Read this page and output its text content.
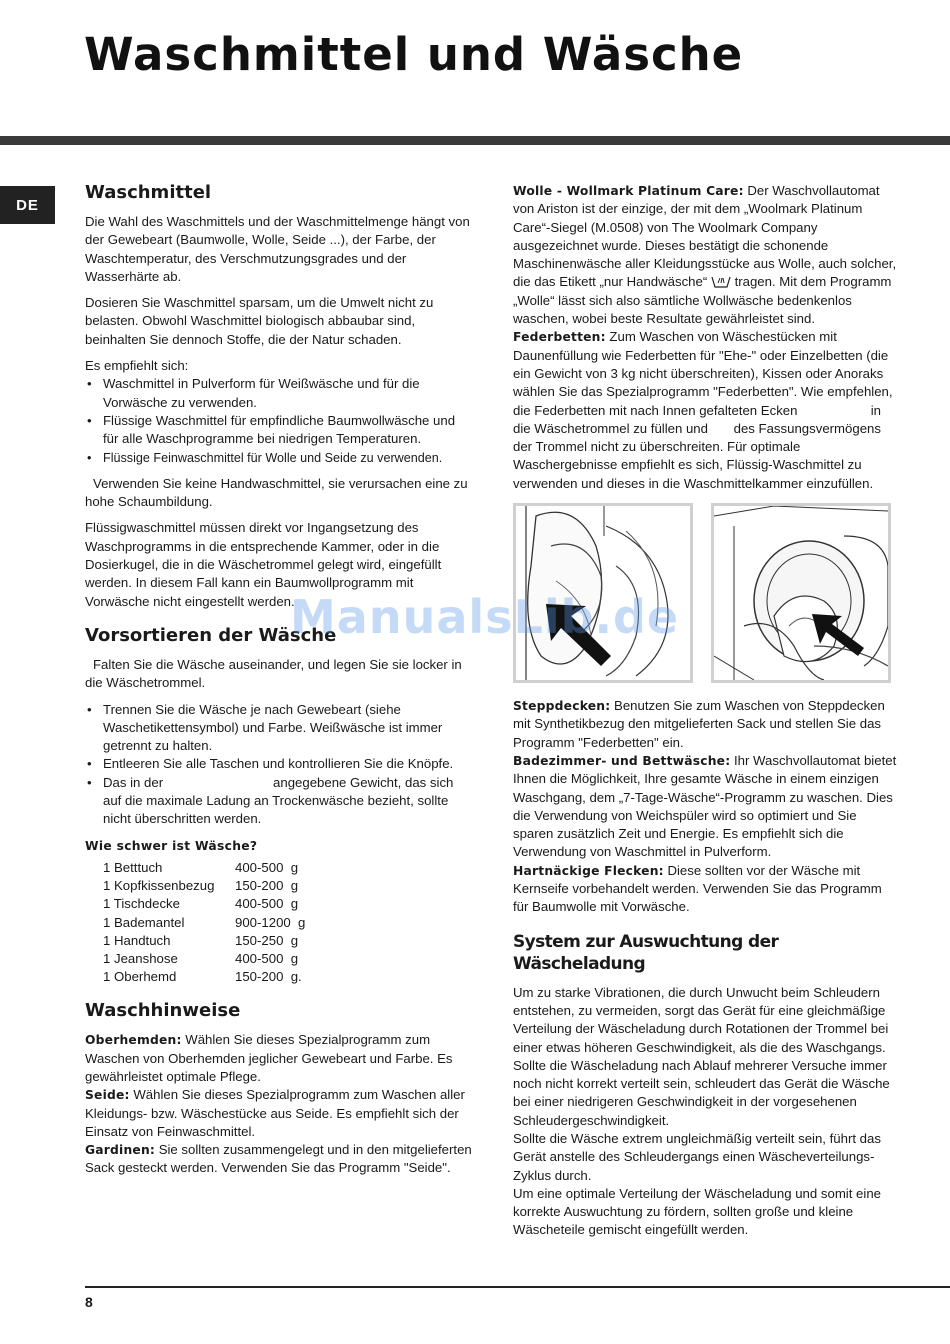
Waschmittel und Wäsche
DE
Waschmittel

Die Wahl des Waschmittels und der Waschmittelmenge hängt von der Gewebeart (Baumwolle, Wolle, Seide ...), der Farbe, der Waschtemperatur, des Verschmutzungsgrades und der Wasserhärte ab.

Dosieren Sie Waschmittel sparsam, um die Umwelt nicht zu belasten. Obwohl Waschmittel biologisch abbaubar sind, beinhalten Sie dennoch Stoffe, die der Natur schaden.

Es empfiehlt sich:

• Waschmittel in Pulverform für Weißwäsche und für die Vorwäsche zu verwenden.
• Flüssige Waschmittel für empfindliche Baumwollwäsche und für alle Waschprogramme bei niedrigen Temperaturen.
• Flüssige Feinwaschmittel für Wolle und Seide zu verwenden.

Verwenden Sie keine Handwaschmittel, sie verursachen eine zu hohe Schaumbildung.

Flüssigwaschmittel müssen direkt vor Ingangsetzung des Waschprogramms in die entsprechende Kammer, oder in die Dosierkugel, die in die Wäschetrommel gelegt wird, eingefüllt werden. In diesem Fall kann ein Baumwollprogramm mit Vorwäsche nicht eingestellt werden.

Vorsortieren der Wäsche

Falten Sie die Wäsche auseinander, und legen Sie sie locker in die Wäschetrommel.

• Trennen Sie die Wäsche je nach Gewebeart (siehe Waschetikettensymbol) und Farbe. Weißwäsche ist immer getrennt zu halten.
• Entleeren Sie alle Taschen und kontrollieren Sie die Knöpfe.
• Das in der                              angegebene Gewicht, das sich auf die maximale Ladung an Trockenwäsche bezieht, sollte nicht überschritten werden.
Wie schwer ist Wäsche?
1 Betttuch	400-500  g
1 Kopfkissenbezug	150-200  g
1 Tischdecke	400-500  g
1 Bademantel	900-1200  g
1 Handtuch	150-250  g
1 Jeanshose	400-500  g
1 Oberhemd	150-200  g.
Waschhinweise

Oberhemden: Wählen Sie dieses Spezialprogramm zum Waschen von Oberhemden jeglicher Gewebeart und Farbe. Es gewährleistet optimale Pflege.

Seide: Wählen Sie dieses Spezialprogramm zum Waschen aller Kleidungs- bzw. Wäschestücke aus Seide. Es empfiehlt sich der Einsatz von Feinwaschmittel.

Gardinen: Sie sollten zusammengelegt und in den mitgelieferten Sack gesteckt werden. Verwenden Sie das Programm "Seide".

Wolle - Wollmark Platinum Care: Der Waschvollautomat von Ariston ist der einzige, der mit dem „Woolmark Platinum Care“-Siegel (M.0508) von The Woolmark Company ausgezeichnet wurde. Dieses bestätigt die schonende Maschinenwäsche aller Kleidungsstücke aus Wolle, auch solcher, die das Etikett „nur Handwäsche“  tragen. Mit dem Programm „Wolle“ lässt sich also sämtliche Wollwäsche bedenkenlos waschen, wobei beste Resultate gewährleistet sind.

Federbetten: Zum Waschen von Wäschestücken mit Daunenfüllung wie Federbetten für "Ehe-" oder Einzelbetten (die ein Gewicht von 3 kg nicht überschreiten), Kissen oder Anoraks wählen Sie das Spezialprogramm "Federbetten". Wie empfehlen, die Federbetten mit nach Innen gefalteten Ecken                    in die Wäschetrommel zu füllen und       des Fassungsvermögens der Trommel nicht zu überschreiten. Für optimale Waschergebnisse empfiehlt es sich, Flüssig-Waschmittel zu verwenden und dieses in die Waschmittelkammer einzufüllen.

Steppdecken: Benutzen Sie zum Waschen von Steppdecken mit Synthetikbezug den mitgelieferten Sack und stellen Sie das Programm "Federbetten" ein.

Badezimmer- und Bettwäsche: Ihr Waschvollautomat bietet Ihnen die Möglichkeit, Ihre gesamte Wäsche in einem einzigen Waschgang, dem „7-Tage-Wäsche“-Programm zu waschen. Dies die Verwendung von Weichspüler wird so optimiert und Sie sparen zusätzlich Zeit und Energie. Es empfiehlt sich die Verwendung von Waschmittel in Pulverform.

Hartnäckige Flecken: Diese sollten vor der Wäsche mit Kernseife vorbehandelt werden. Verwenden Sie das Programm für Baumwolle mit Vorwäsche.

System zur Auswuchtung der Wäscheladung

Um zu starke Vibrationen, die durch Unwucht beim Schleudern entstehen, zu vermeiden, sorgt das Gerät für eine gleichmäßige Verteilung der Wäscheladung durch Rotationen der Trommel bei einer etwas höheren Geschwindigkeit, als die des Waschgangs. Sollte die Wäscheladung nach Ablauf mehrerer Versuche immer noch nicht korrekt verteilt sein, schleudert das Gerät die Wäsche bei einer niedrigeren Geschwindigkeit in der vorgesehenen Schleudergeschwindigkeit.

Sollte die Wäsche extrem ungleichmäßig verteilt sein, führt das Gerät anstelle des Schleudergangs einen Wäscheverteilungs-Zyklus durch.

Um eine optimale Verteilung der Wäscheladung und somit eine korrekte Auswuchtung zu fördern, sollten große und kleine Wäscheteile gemischt eingefüllt werden.

ManualsLib.de
8
